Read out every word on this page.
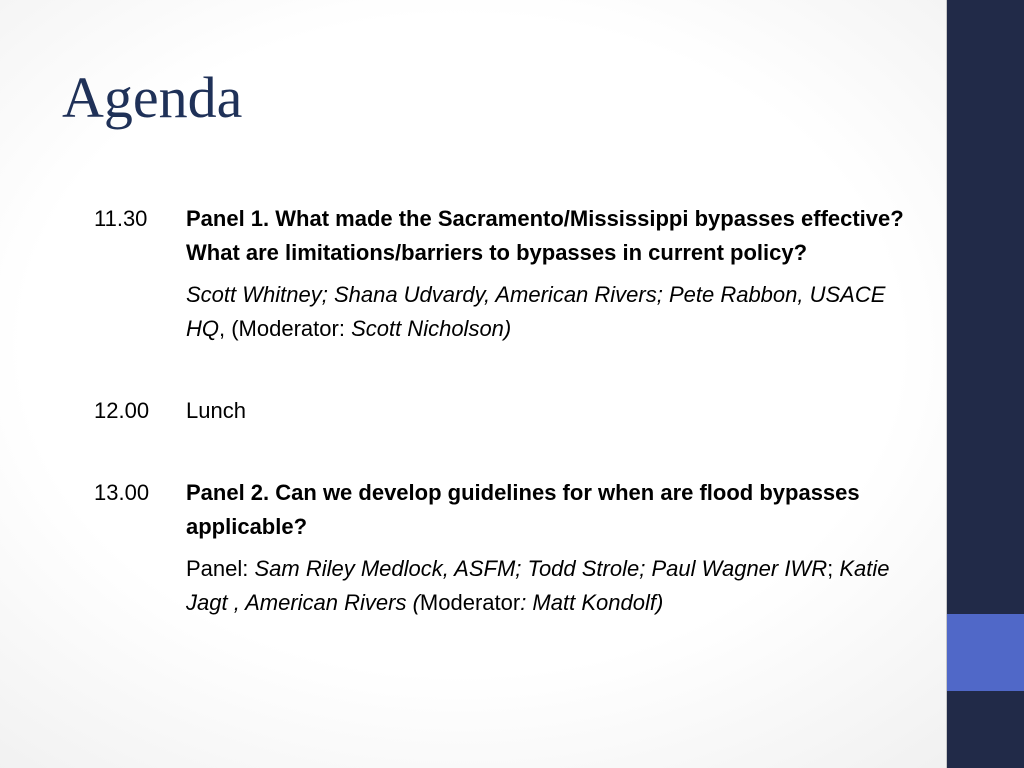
Agenda
11.30	Panel 1. What made the Sacramento/Mississippi bypasses effective? What are limitations/barriers to bypasses in current policy?
Scott Whitney; Shana Udvardy, American Rivers; Pete Rabbon, USACE HQ, (Moderator: Scott Nicholson)
12.00	Lunch
13.00	Panel 2. Can we develop guidelines for when are flood bypasses applicable?
Panel: Sam Riley Medlock, ASFM; Todd Strole; Paul Wagner IWR; Katie Jagt , American Rivers (Moderator: Matt Kondolf)
